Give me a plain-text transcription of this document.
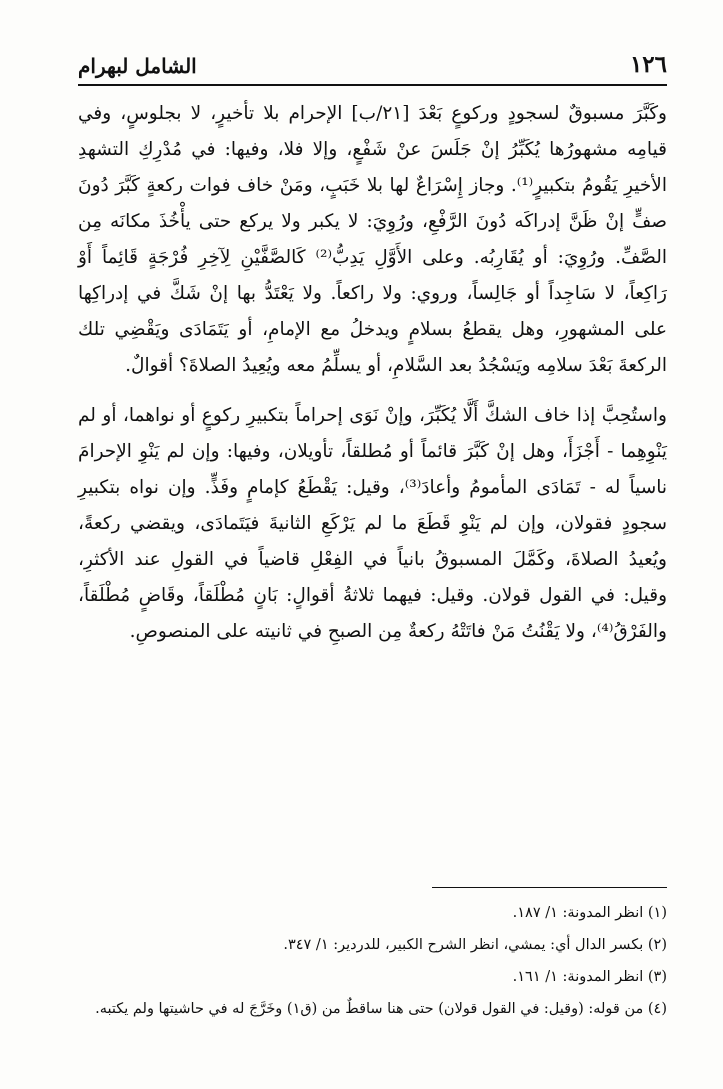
١٢٦
الشامل لبهرام

وكَبَّرَ مسبوقٌ لسجودٍ وركوعٍ بَعْدَ [٢١/ب] الإحرام بلا تأخيرٍ، لا بجلوسٍ، وفي قيامِه مشهورُها يُكَبِّرُ إنْ جَلَسَ عنْ شَفْعٍ، وإلا فلا، وفيها: في مُدْرِكِ التشهدِ الأخيرِ يَقُومُ بتكبيرٍ⁽¹⁾. وجاز إِسْرَاعٌ لها بلا خَبَبٍ، ومَنْ خاف فوات ركعةٍ كَبَّرَ دُونَ صفٍّ إنْ ظَنَّ إدراكَه دُونَ الرَّفْعِ، ورُوِيَ: لا يكبر ولا يركع حتى يأْخُذَ مكانَه مِن الصَّفِّ. ورُوِيَ: أو يُقَارِبُه. وعلى الأَوَّلِ يَدِبُّ⁽²⁾ كَالصَّفَّيْنِ لِآخِرِ فُرْجَةٍ قَائِماً أَوْ رَاكِعاً، لا سَاجِداً أو جَالِساً، وروي: ولا راكعاً. ولا يَعْتَدُّ بها إنْ شَكَّ في إدراكِها على المشهورِ، وهل يقطعُ بسلامٍ ويدخلُ مع الإمامِ، أو يَتَمَادَى ويَقْضِي تلك الركعةَ بَعْدَ سلامِه ويَسْجُدُ بعد السَّلامِ، أو يسلِّمُ معه ويُعِيدُ الصلاةَ؟ أقوالٌ.

واستُحِبَّ إذا خاف الشكَّ أَلَّا يُكَبِّرَ، وإنْ نَوَى إحراماً بتكبيرِ ركوعٍ أو نواهما، أو لم يَنْوِهِما - أَجْزَأَ، وهل إنْ كَبَّرَ قائماً أو مُطلقاً، تأويلان، وفيها: وإن لم يَنْوِ الإحرامَ ناسياً له - تَمَادَى المأمومُ وأعادَ⁽³⁾، وقيل: يَقْطَعُ كإمامٍ وفَذٍّ. وإن نواه بتكبيرِ سجودٍ فقولان، وإن لم يَنْوِ قَطَعَ ما لم يَرْكَعِ الثانيةَ فيَتَمادَى، ويقضي ركعةً، ويُعيدُ الصلاةَ، وكَمَّلَ المسبوقُ بانياً في الفِعْلِ قاضياً في القولِ عند الأكثرِ، وقيل: في القول قولان. وقيل: فيهما ثلاثةُ أقوالٍ: بَانٍ مُطْلَقاً، وقَاضٍ مُطْلَقاً، والفَرْقُ⁽⁴⁾، ولا يَقْنُتُ مَنْ فاتَتْهُ ركعةٌ مِن الصبحِ في ثانيته على المنصوصِ.

(١) انظر المدونة: ١/ ١٨٧.
(٢) بكسر الدال أي: يمشي، انظر الشرح الكبير، للدردير: ١/ ٣٤٧.
(٣) انظر المدونة: ١/ ١٦١.
(٤) من قوله: (وقيل: في القول قولان) حتى هنا ساقطٌ من (ق١) وخَرَّجَ له في حاشيتها ولم يكتبه.
